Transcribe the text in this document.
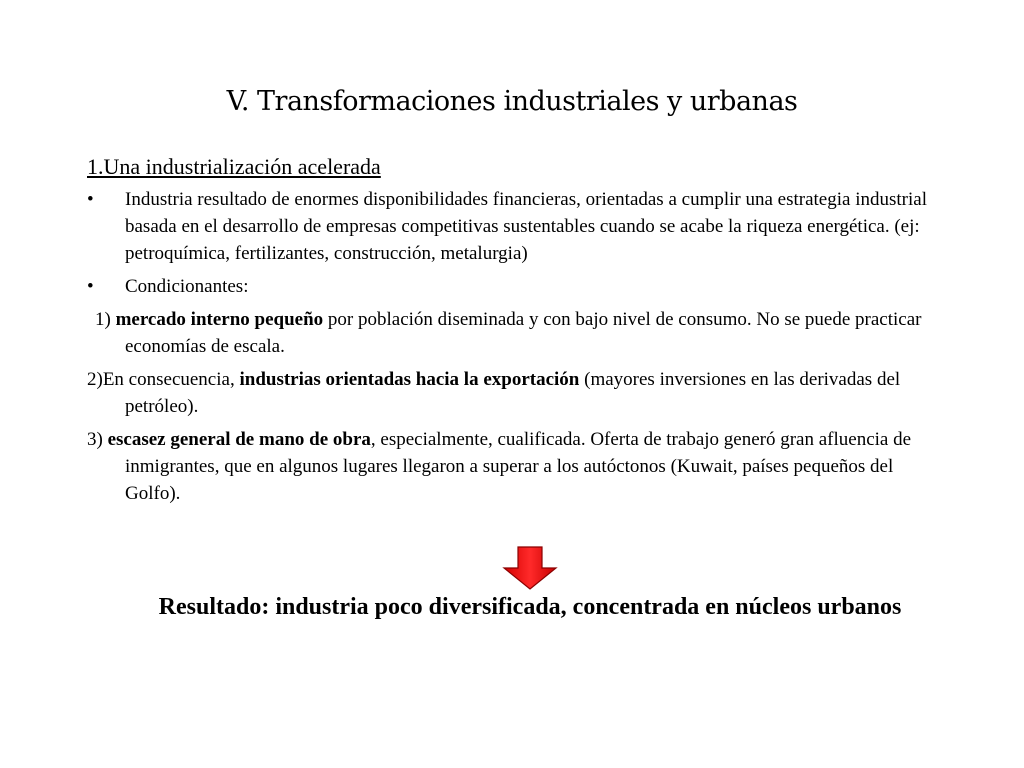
V. Transformaciones industriales y urbanas
1.Una industrialización acelerada
• Industria resultado de enormes disponibilidades financieras, orientadas a cumplir una estrategia industrial basada en el desarrollo de empresas competitivas sustentables cuando se acabe la riqueza energética. (ej: petroquímica, fertilizantes, construcción, metalurgia)
• Condicionantes:
1) mercado interno pequeño por población diseminada y con bajo nivel de consumo. No se puede practicar economías de escala.
2)En consecuencia, industrias orientadas hacia la exportación (mayores inversiones en las derivadas del petróleo).
3) escasez general de mano de obra, especialmente, cualificada. Oferta de trabajo generó gran afluencia de inmigrantes, que en algunos lugares llegaron a superar a los autóctonos (Kuwait, países pequeños del Golfo).
Resultado: industria poco diversificada, concentrada en núcleos urbanos
